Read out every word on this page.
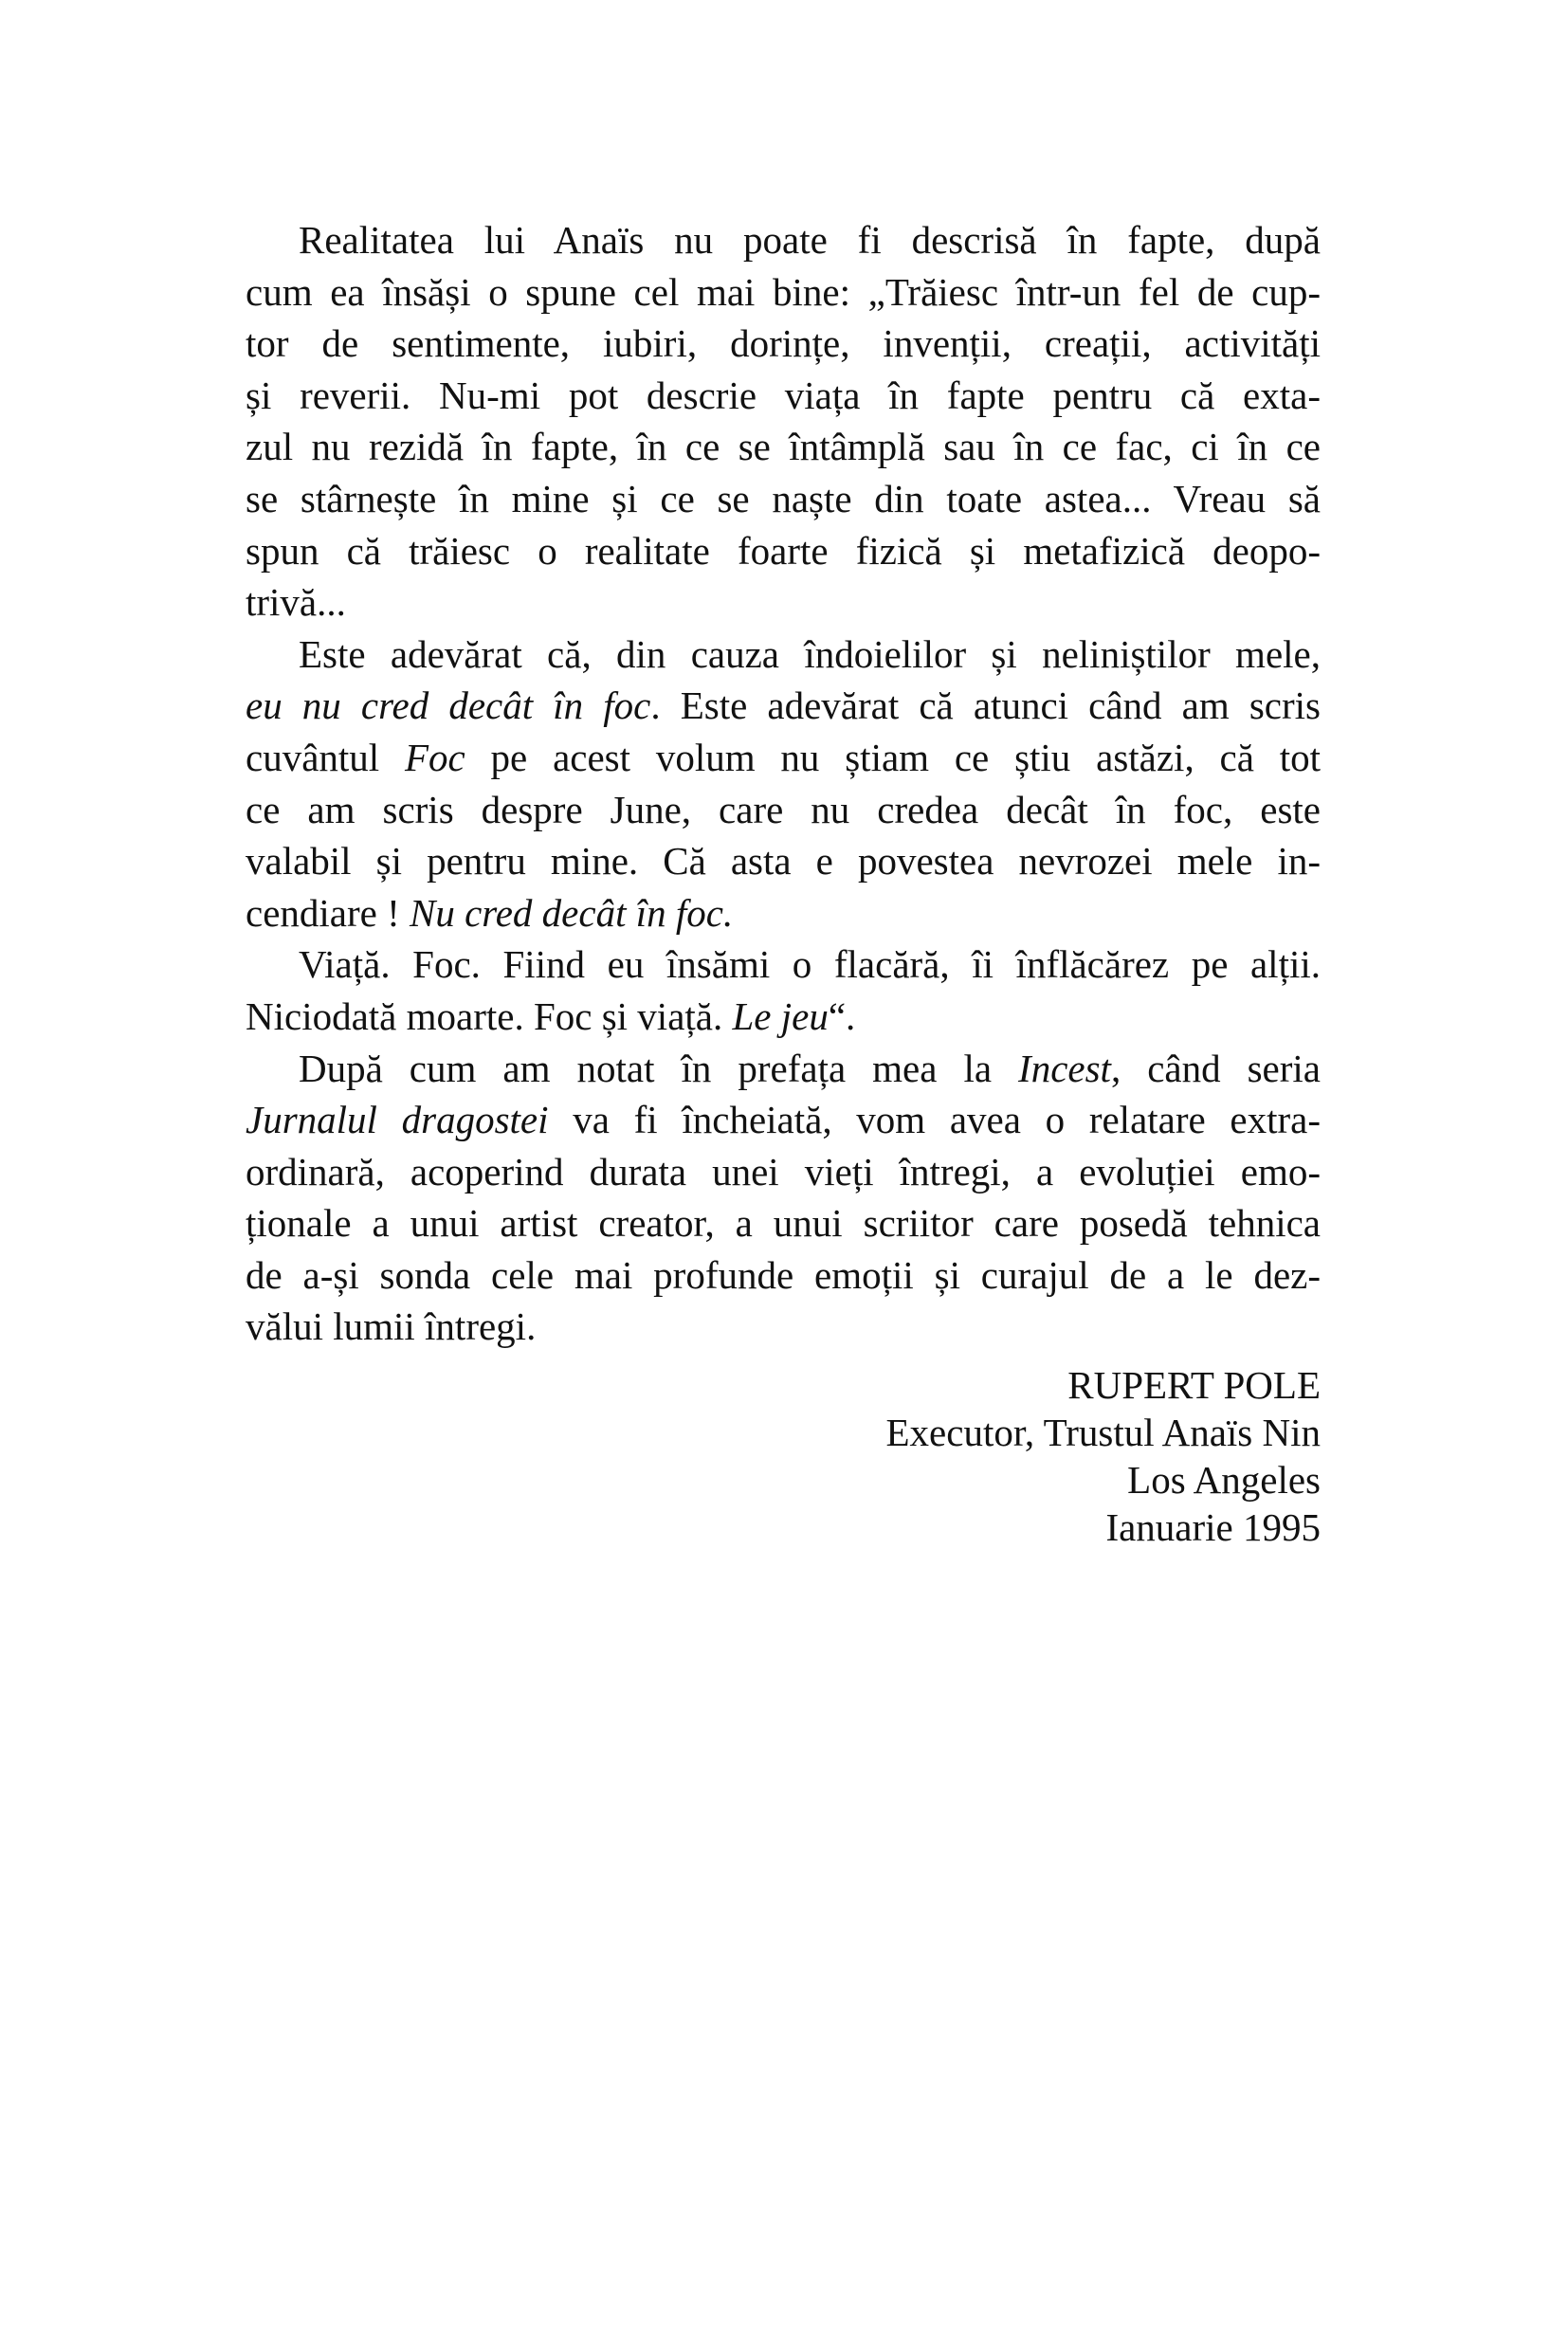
Realitatea lui Anaïs nu poate fi descrisă în fapte, după
cum ea însăși o spune cel mai bine: „Trăiesc într-un fel de cup-
tor de sentimente, iubiri, dorințe, invenții, creații, activități
și reverii. Nu-mi pot descrie viața în fapte pentru că exta-
zul nu rezidă în fapte, în ce se întâmplă sau în ce fac, ci în ce
se stârnește în mine și ce se naște din toate astea... Vreau să
spun că trăiesc o realitate foarte fizică și metafizică deopo-
trivă...
Este adevărat că, din cauza îndoielilor și neliniștilor mele,
eu nu cred decât în foc. Este adevărat că atunci când am scris
cuvântul Foc pe acest volum nu știam ce știu astăzi, că tot
ce am scris despre June, care nu credea decât în foc, este
valabil și pentru mine. Că asta e povestea nevrozei mele in-
cendiare ! Nu cred decât în foc.
Viață. Foc. Fiind eu însămi o flacără, îi înflăcărez pe alții.
Niciodată moarte. Foc și viață. Le jeu“.
După cum am notat în prefața mea la Incest, când seria
Jurnalul dragostei va fi încheiată, vom avea o relatare extra-
ordinară, acoperind durata unei vieți întregi, a evoluției emo-
ționale a unui artist creator, a unui scriitor care posedă tehnica
de a-și sonda cele mai profunde emoții și curajul de a le dez-
vălui lumii întregi.
RUPERT POLE
Executor, Trustul Anaïs Nin
Los Angeles
Ianuarie 1995
